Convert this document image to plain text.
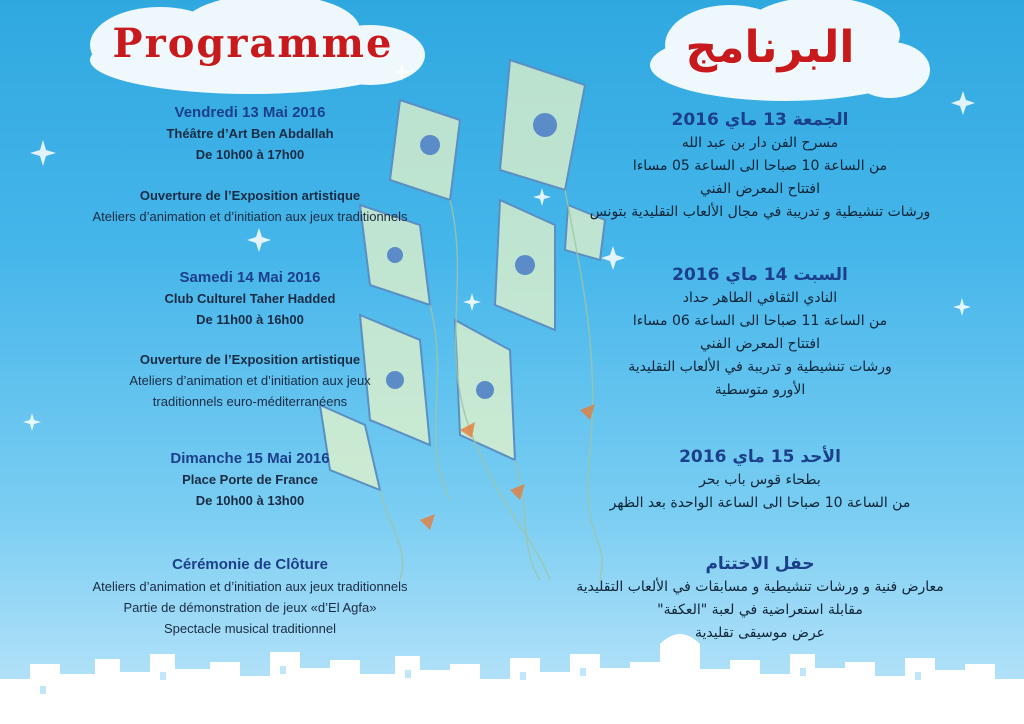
Programme	البرنامج
Vendredi 13 Mai 2016
Théâtre d’Art Ben Abdallah
De 10h00 à 17h00
Ouverture de l’Exposition artistique
Ateliers d’animation et d’initiation aux jeux traditionnels
Samedi 14 Mai 2016
Club Culturel Taher Hadded
De 11h00 à 16h00
Ouverture de l’Exposition artistique
Ateliers d’animation et d’initiation aux jeux
traditionnels euro-méditerranéens
Dimanche 15 Mai 2016
Place Porte de France
De 10h00 à 13h00
Cérémonie de Clôture
Ateliers d’animation et d’initiation aux jeux traditionnels
Partie de démonstration de jeux «d’El Agfa»
Spectacle musical traditionnel
الجمعة 13 ماي 2016
مسرح الفن دار بن عبد الله
من الساعة 10 صباحا الى الساعة 05 مساءا
افتتاح المعرض الفني
ورشات تنشيطية و تدريبة في مجال الألعاب التقليدية بتونس
السبت 14 ماي 2016
النادي الثقافي الطاهر حداد
من الساعة 11 صباحا الى الساعة 06 مساءا
افتتاح المعرض الفني
ورشات تنشيطية و تدريبة في الألعاب التقليدية
الأورو متوسطية
الأحد 15 ماي 2016
بطحاء قوس باب بحر
من الساعة 10 صباحا الى الساعة الواحدة بعد الظهر
حفل الاختتام
معارض فنية و ورشات تنشيطية و مسابقات في الألعاب التقليدية
مقابلة استعراضية في لعبة "العكفة"
عرض موسيقى تقليدية
